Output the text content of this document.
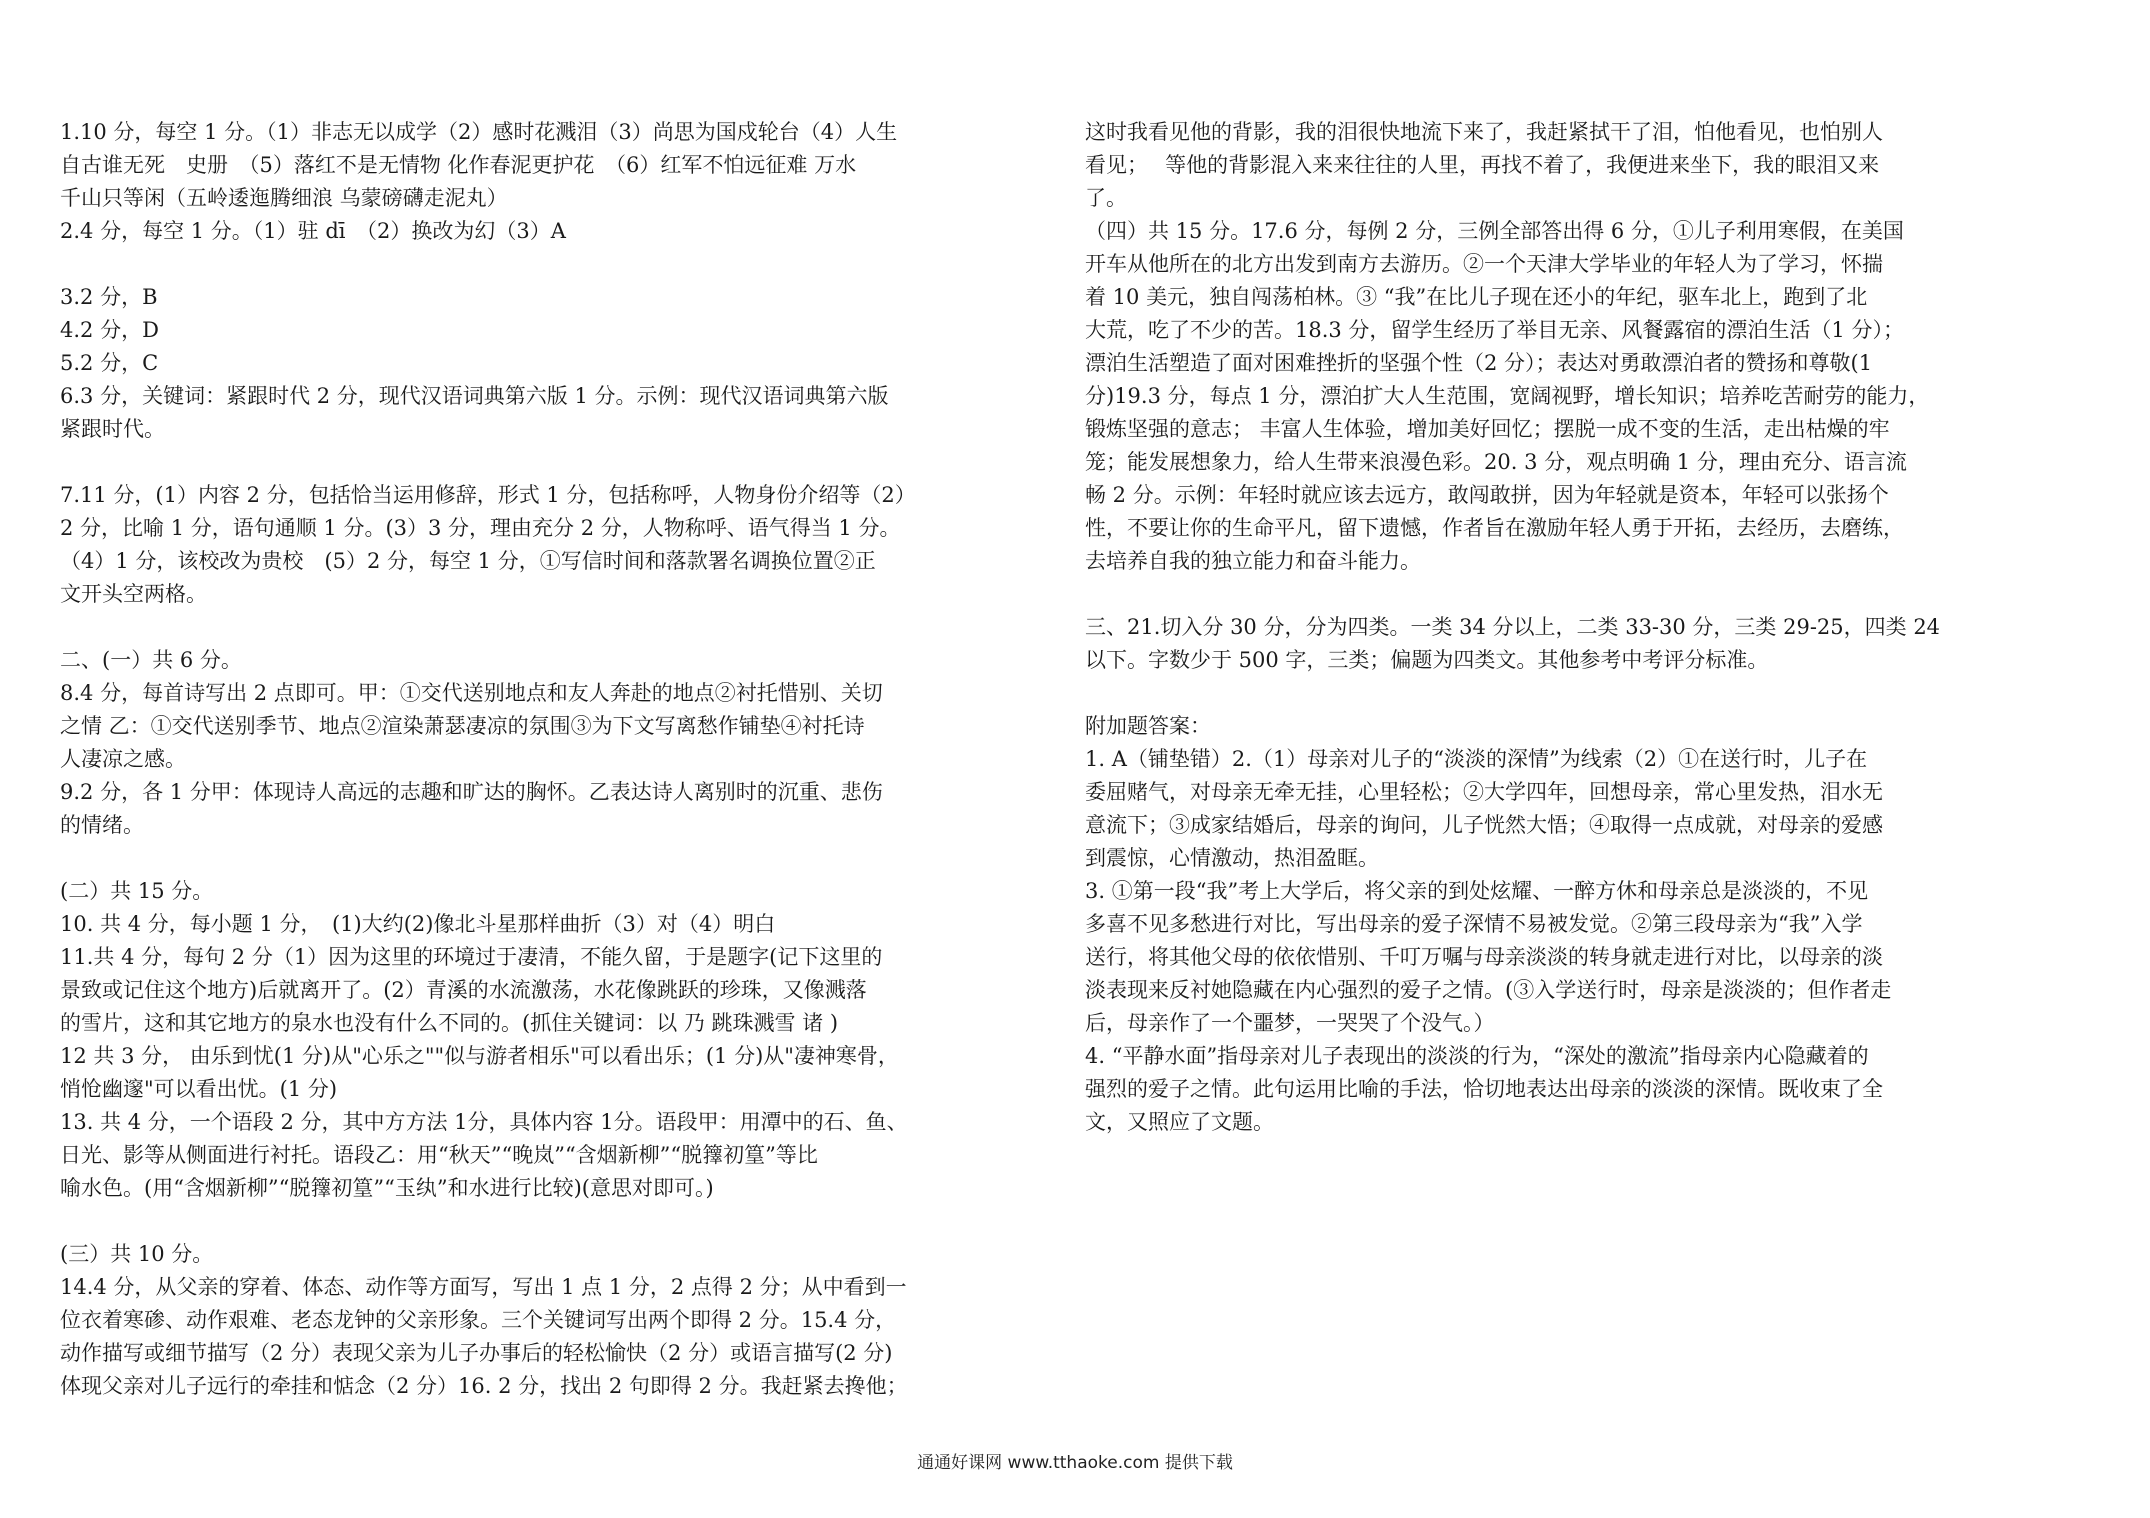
1.10 分，每空 1 分。（1）非志无以成学（2）感时花溅泪（3）尚思为国戍轮台（4）人生
自古谁无死　史册　（5）落红不是无情物 化作春泥更护花　（6）红军不怕远征难 万水
千山只等闲（五岭逶迤腾细浪 乌蒙磅礴走泥丸）
2.4 分，每空 1 分。（1）驻 dī　（2）换改为幻（3）A
3.2 分，B
4.2 分，D
5.2 分，C
6.3 分，关键词：紧跟时代 2 分，现代汉语词典第六版 1 分。示例：现代汉语词典第六版
紧跟时代。
7.11 分，(1）内容 2 分，包括恰当运用修辞，形式 1 分，包括称呼，人物身份介绍等（2）
2 分，比喻 1 分，语句通顺 1 分。(3）3 分，理由充分 2 分，人物称呼、语气得当 1 分。
（4）1 分，该校改为贵校　(5）2 分，每空 1 分，①写信时间和落款署名调换位置②正
文开头空两格。
二、(一）共 6 分。
8.4 分，每首诗写出 2 点即可。甲：①交代送别地点和友人奔赴的地点②衬托惜别、关切
之情 乙：①交代送别季节、地点②渲染萧瑟凄凉的氛围③为下文写离愁作铺垫④衬托诗
人凄凉之感。
9.2 分，各 1 分甲：体现诗人高远的志趣和旷达的胸怀。乙表达诗人离别时的沉重、悲伤
的情绪。
(二）共 15 分。
10. 共 4 分，每小题 1 分，　(1)大约(2)像北斗星那样曲折（3）对（4）明白
11.共 4 分，每句 2 分（1）因为这里的环境过于凄清，不能久留，于是题字(记下这里的
景致或记住这个地方)后就离开了。(2）青溪的水流激荡，水花像跳跃的珍珠，又像溅落
的雪片，这和其它地方的泉水也没有什么不同的。(抓住关键词：以 乃 跳珠溅雪 诸 )
12 共 3 分， 由乐到忧(1 分)从"心乐之""似与游者相乐"可以看出乐；(1 分)从"凄神寒骨，
悄怆幽邃"可以看出忧。(1 分)
13. 共 4 分，一个语段 2 分，其中方方法 1分，具体内容 1分。语段甲：用潭中的石、鱼、
日光、影等从侧面进行衬托。语段乙：用“秋天”“晚岚”“含烟新柳”“脱籜初篁”等比
喻水色。(用“含烟新柳”“脱籜初篁”“玉纨”和水进行比较)(意思对即可。)
(三）共 10 分。
14.4 分，从父亲的穿着、体态、动作等方面写，写出 1 点 1 分，2 点得 2 分；从中看到一
位衣着寒碜、动作艰难、老态龙钟的父亲形象。三个关键词写出两个即得 2 分。15.4 分，
动作描写或细节描写（2 分）表现父亲为儿子办事后的轻松愉快（2 分）或语言描写(2 分)
体现父亲对儿子远行的牵挂和惦念（2 分）16. 2 分，找出 2 句即得 2 分。我赶紧去搀他；
这时我看见他的背影，我的泪很快地流下来了，我赶紧拭干了泪，怕他看见，也怕别人
看见；　 等他的背影混入来来往往的人里，再找不着了，我便进来坐下，我的眼泪又来
了。
（四）共 15 分。17.6 分，每例 2 分，三例全部答出得 6 分，①儿子利用寒假，在美国
开车从他所在的北方出发到南方去游历。②一个天津大学毕业的年轻人为了学习，怀揣
着 10 美元，独自闯荡柏林。③ “我”在比儿子现在还小的年纪，驱车北上，跑到了北
大荒，吃了不少的苦。18.3 分，留学生经历了举目无亲、风餐露宿的漂泊生活（1 分）；
漂泊生活塑造了面对困难挫折的坚强个性（2 分）；表达对勇敢漂泊者的赞扬和尊敬(1
分)19.3 分，每点 1 分，漂泊扩大人生范围，宽阔视野，增长知识；培养吃苦耐劳的能力，
锻炼坚强的意志； 丰富人生体验，增加美好回忆；摆脱一成不变的生活，走出枯燥的牢
笼；能发展想象力，给人生带来浪漫色彩。20. 3 分，观点明确 1 分，理由充分、语言流
畅 2 分。示例：年轻时就应该去远方，敢闯敢拼，因为年轻就是资本，年轻可以张扬个
性，不要让你的生命平凡，留下遗憾，作者旨在激励年轻人勇于开拓，去经历，去磨练，
去培养自我的独立能力和奋斗能力。
三、21.切入分 30 分，分为四类。一类 34 分以上，二类 33-30 分，三类 29-25，四类 24
以下。字数少于 500 字，三类；偏题为四类文。其他参考中考评分标准。
附加题答案：
1. A（铺垫错）2.（1）母亲对儿子的“淡淡的深情”为线索（2）①在送行时，儿子在
委屈赌气，对母亲无牵无挂，心里轻松；②大学四年，回想母亲，常心里发热，泪水无
意流下；③成家结婚后，母亲的询问，儿子恍然大悟；④取得一点成就，对母亲的爱感
到震惊，心情激动，热泪盈眶。
3. ①第一段“我”考上大学后，将父亲的到处炫耀、一醉方休和母亲总是淡淡的，不见
多喜不见多愁进行对比，写出母亲的爱子深情不易被发觉。②第三段母亲为“我”入学
送行，将其他父母的依依惜别、千叮万嘱与母亲淡淡的转身就走进行对比，以母亲的淡
淡表现来反衬她隐藏在内心强烈的爱子之情。(③入学送行时，母亲是淡淡的；但作者走
后，母亲作了一个噩梦，一哭哭了个没气。）
4. “平静水面”指母亲对儿子表现出的淡淡的行为，“深处的激流”指母亲内心隐藏着的
强烈的爱子之情。此句运用比喻的手法，恰切地表达出母亲的淡淡的深情。既收束了全
文，又照应了文题。
通通好课网 www.tthaoke.com 提供下载
